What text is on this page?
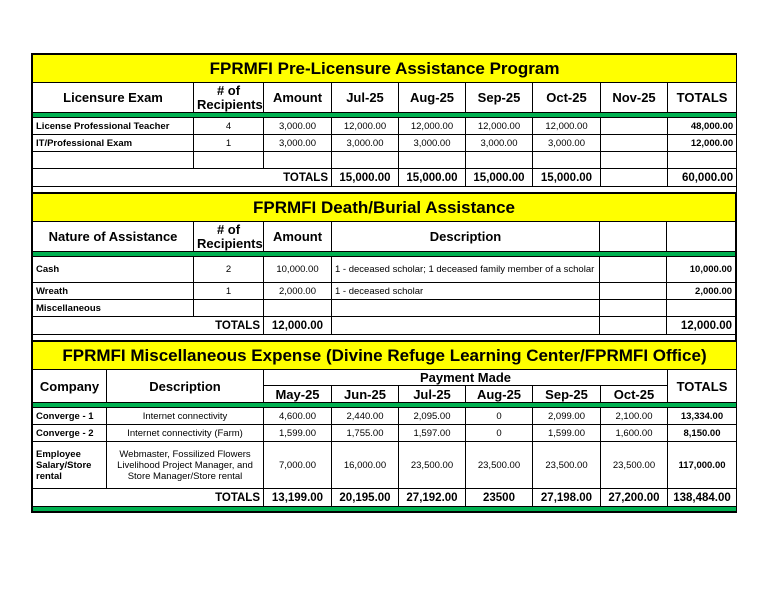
FPRMFI Pre-Licensure Assistance Program								
Licensure Exam	# of Recipients	Amount	Jul-25	Aug-25	Sep-25	Oct-25	Nov-25	TOTALS

License Professional Teacher	4	3,000.00	12,000.00	12,000.00	12,000.00	12,000.00		48,000.00
IT/Professional Exam	1	3,000.00	3,000.00	3,000.00	3,000.00	3,000.00		12,000.00

TOTALS			15,000.00	15,000.00	15,000.00	15,000.00		60,000.00

FPRMFI Death/Burial Assistance					
Nature of Assistance	# of Recipients	Amount	Description		

Cash	2	10,000.00	1 - deceased scholar; 1 deceased family member of a scholar		10,000.00
Wreath	1	2,000.00	1 - deceased scholar		2,000.00
Miscellaneous					
TOTALS		12,000.00			12,000.00

FPRMFI Miscellaneous Expense (Divine Refuge Learning Center/FPRMFI Office)								
Company	Description	Payment Made						TOTALS
		May-25	Jun-25	Jul-25	Aug-25	Sep-25	Oct-25	

Converge - 1	Internet connectivity	4,600.00	2,440.00	2,095.00	0	2,099.00	2,100.00	13,334.00
Converge - 2	Internet connectivity (Farm)	1,599.00	1,755.00	1,597.00	0	1,599.00	1,600.00	8,150.00
Employee Salary/Store rental	Webmaster, Fossilized Flowers Livelihood Project Manager, and Store Manager/Store rental	7,000.00	16,000.00	23,500.00	23,500.00	23,500.00	23,500.00	117,000.00
TOTALS		13,199.00	20,195.00	27,192.00	23500	27,198.00	27,200.00	138,484.00
